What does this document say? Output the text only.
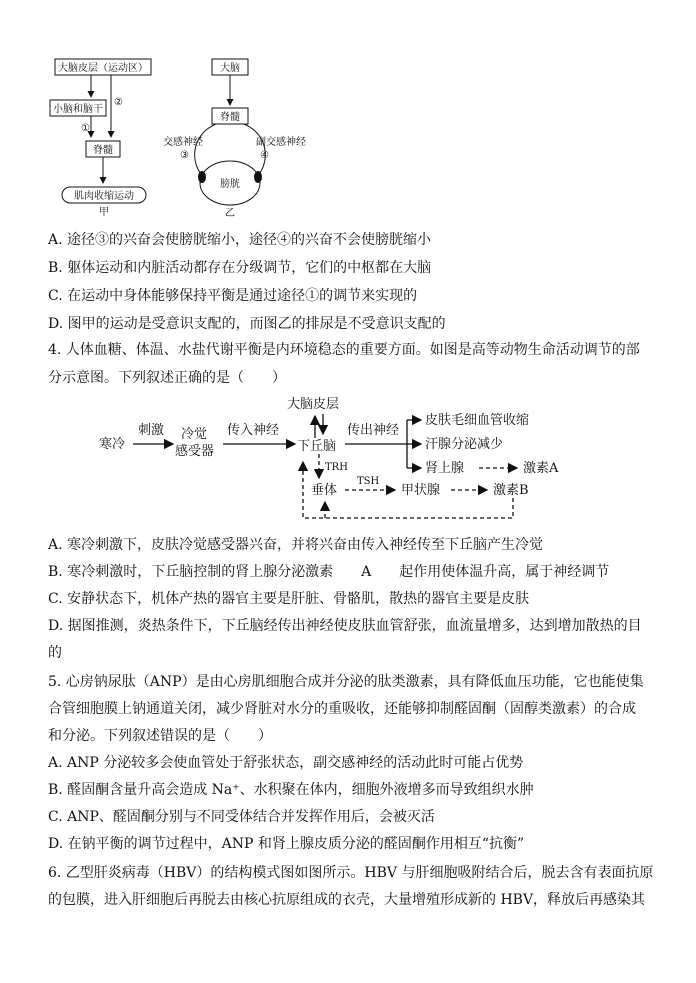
大脑皮层（运动区）
②
小脑和脑干
①
脊髓
肌肉收缩运动
甲
大脑
脊髓
交感神经
③
副交感神经
④
膀胱
乙
A. 途径③的兴奋会使膀胱缩小，途径④的兴奋不会使膀胱缩小
B. 躯体运动和内脏活动都存在分级调节，它们的中枢都在大脑
C. 在运动中身体能够保持平衡是通过途径①的调节来实现的
D. 图甲的运动是受意识支配的，而图乙的排尿是不受意识支配的
4. 人体血糖、体温、水盐代谢平衡是内环境稳态的重要方面。如图是高等动物生命活动调节的部
分示意图。下列叙述正确的是（　　）
寒冷
刺激 冷觉
感受器
传入神经
大脑皮层
下丘脑
传出神经
皮肤毛细血管收缩
汗腺分泌减少
肾上腺	激素A
TRH
垂体
TSH
甲状腺	激素B
A. 寒冷刺激下，皮肤冷觉感受器兴奋，并将兴奋由传入神经传至下丘脑产生冷觉
B. 寒冷刺激时，下丘脑控制的肾上腺分泌激素　　A　　起作用使体温升高，属于神经调节
C. 安静状态下，机体产热的器官主要是肝脏、骨骼肌，散热的器官主要是皮肤
D. 据图推测，炎热条件下，下丘脑经传出神经使皮肤血管舒张，血流量增多，达到增加散热的目
的
5. 心房钠尿肽（ANP）是由心房肌细胞合成并分泌的肽类激素，具有降低血压功能，它也能使集
合管细胞膜上钠通道关闭，减少肾脏对水分的重吸收，还能够抑制醛固酮（固醇类激素）的合成
和分泌。下列叙述错误的是（　　）
A. ANP 分泌较多会使血管处于舒张状态，副交感神经的活动此时可能占优势
B. 醛固酮含量升高会造成 Na⁺、水积聚在体内，细胞外液增多而导致组织水肿
C. ANP、醛固酮分别与不同受体结合并发挥作用后，会被灭活
D. 在钠平衡的调节过程中，ANP 和肾上腺皮质分泌的醛固酮作用相互“抗衡”
6. 乙型肝炎病毒（HBV）的结构模式图如图所示。HBV 与肝细胞吸附结合后，脱去含有表面抗原
的包膜，进入肝细胞后再脱去由核心抗原组成的衣壳，大量增殖形成新的 HBV，释放后再感染其
